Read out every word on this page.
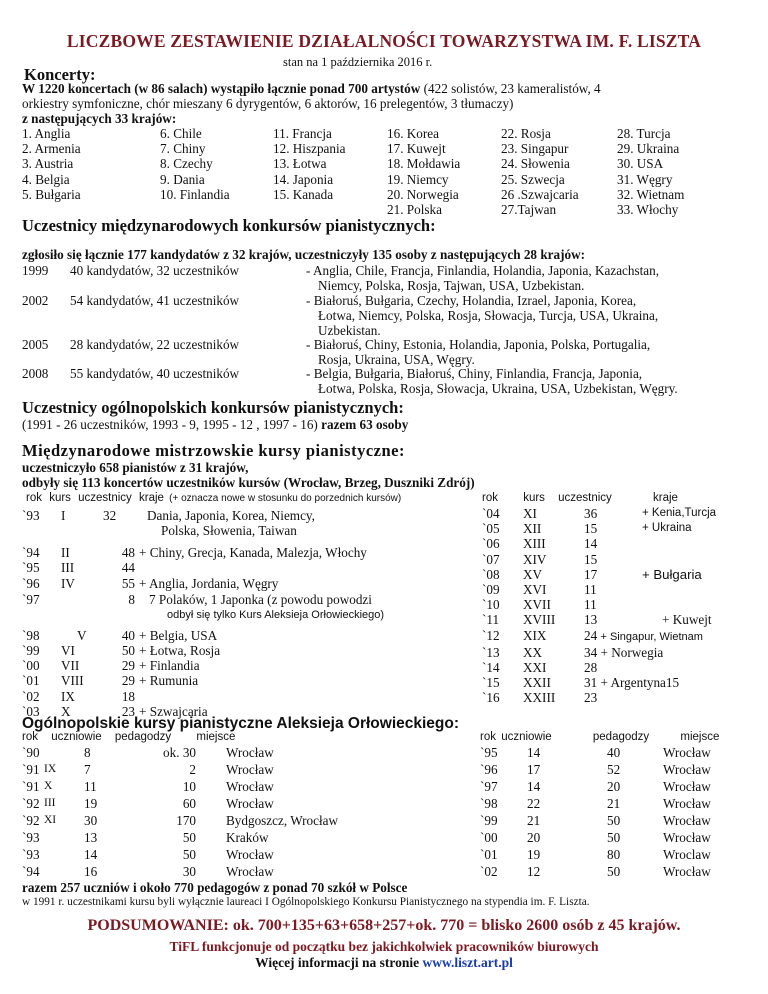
LICZBOWE ZESTAWIENIE DZIAŁALNOŚCI TOWARZYSTWA IM. F. LISZTA
stan na 1 października 2016 r.
Koncerty:
W 1220 koncertach (w 86 salach) wystąpiło łącznie ponad 700 artystów (422 solistów, 23 kameralistów, 4
orkiestry symfoniczne, chór mieszany 6 dyrygentów, 6 aktorów, 16 prelegentów, 3 tłumaczy)
z następujących 33 krajów:
1. Anglia
2. Armenia
3. Austria
4. Belgia
5. Bułgaria
6. Chile
7. Chiny
8. Czechy
9. Dania
10. Finlandia
11. Francja
12. Hiszpania
13. Łotwa
14. Japonia
15. Kanada
16. Korea
17. Kuwejt
18. Mołdawia
19. Niemcy
20. Norwegia
21. Polska
22. Rosja
23. Singapur
24. Słowenia
25. Szwecja
26 .Szwajcaria
27.Tajwan
28. Turcja
29. Ukraina
30. USA
31. Węgry
32. Wietnam
33. Włochy
Uczestnicy międzynarodowych konkursów pianistycznych:
zgłosiło się łącznie 177 kandydatów z 32 krajów, uczestniczyły 135 osoby z następujących 28 krajów:
1999 40 kandydatów, 32 uczestników	- Anglia, Chile, Francja, Finlandia, Holandia, Japonia, Kazachstan,
Niemcy, Polska, Rosja, Tajwan, USA, Uzbekistan.
2002 54 kandydatów, 41 uczestników	- Białoruś, Bułgaria, Czechy, Holandia, Izrael, Japonia, Korea,
Łotwa, Niemcy, Polska, Rosja, Słowacja, Turcja, USA, Ukraina,
Uzbekistan.
2005 28 kandydatów, 22 uczestników	- Białoruś, Chiny, Estonia, Holandia, Japonia, Polska, Portugalia,
Rosja, Ukraina, USA, Węgry.
2008 55 kandydatów, 40 uczestników	- Belgia, Bułgaria, Białoruś, Chiny, Finlandia, Francja, Japonia,
Łotwa, Polska, Rosja, Słowacja, Ukraina, USA, Uzbekistan, Węgry.
Uczestnicy ogólnopolskich konkursów pianistycznych:
(1991 - 26 uczestników, 1993 - 9, 1995 - 12 , 1997 - 16) razem 63 osoby
Międzynarodowe mistrzowskie kursy pianistyczne:
uczestniczyło 658 pianistów z 31 krajów,
odbyły się 113 koncertów uczestników kursów (Wrocław, Brzeg, Duszniki Zdrój)
rok kurs uczestnicy kraje (+ oznacza nowe w stosunku do porzednich kursów)
`93	I	32	Dania, Japonia, Korea, Niemcy,
			Polska, Słowenia, Taiwan
`94	II	48	+ Chiny, Grecja, Kanada, Malezja, Włochy
`95	III	44	
`96	IV	55	+ Anglia, Jordania, Węgry
`97		8	7 Polaków, 1 Japonka (z powodu powodzi
			odbył się tylko Kurs Aleksieja Orłowieckiego)
`98	V	40	+ Belgia, USA
`99	VI	50	+ Łotwa, Rosja
`00	VII	29	+ Finlandia
`01	VIII	29	+ Rumunia
`02	IX	18	
`03	X	23	+ Szwajcaria
rok kurs uczestnicy	kraje
`04	XI	36	+ Kenia,Turcja
`05	XII	15	+ Ukraina
`06	XIII	14	
`07	XIV	15	
`08	XV	17	+ Bułgaria
`09	XVI	11	
`10	XVII	11	
`11	XVIII	13	+ Kuwejt
`12	XIX	24 + Singapur, Wietnam	
`13	XX	34 + Norwegia	
`14	XXI	28	
`15	XXII	31 + Argentyna15	
`16	XXIII	23	
Ogólnopolskie kursy pianistyczne Aleksieja Orłowieckiego:
rok uczniowie pedagodzy miejsce
`90		8	ok. 30	Wrocław
`91	IX	7	2	Wrocław
`91	X	11	10	Wrocław
`92	III	19	60	Wrocław
`92	XI	30	170	Bydgoszcz, Wrocław
`93		13	50	Kraków
`93		14	50	Wrocław
`94		16	30	Wrocław
rok uczniowie	pedagodzy	miejsce
`95	14	40	Wrocław
`96	17	52	Wrocław
`97	14	20	Wrocław
`98	22	21	Wrocław
`99	21	50	Wrocław
`00	20	50	Wrocław
`01	19	80	Wroclaw
`02	12	50	Wrocław
razem 257 uczniów i około 770 pedagogów z ponad 70 szkół w Polsce
w 1991 r. uczestnikami kursu byli wyłącznie laureaci I Ogólnopolskiego Konkursu Pianistycznego na stypendia im. F. Liszta.
PODSUMOWANIE: ok. 700+135+63+658+257+ok. 770 = blisko 2600 osób z 45 krajów.
TiFL funkcjonuje od początku bez jakichkolwiek pracowników biurowych
Więcej informacji na stronie www.liszt.art.pl
